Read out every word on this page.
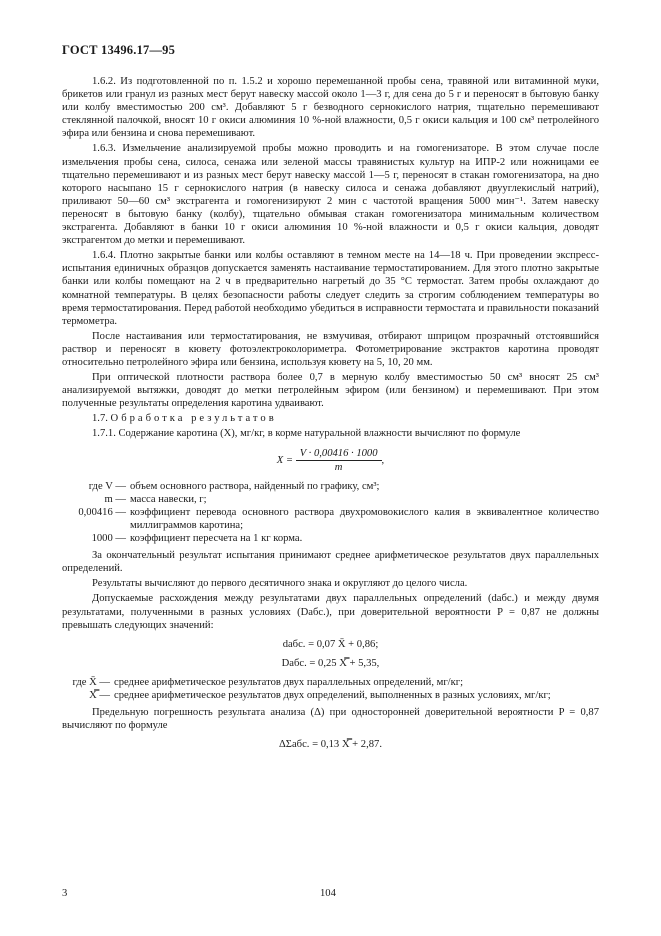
ГОСТ 13496.17—95

1.6.2. Из подготовленной по п. 1.5.2 и хорошо перемешанной пробы сена, травяной или витаминной муки, брикетов или гранул из разных мест берут навеску массой около 1—3 г, для сена до 5 г и переносят в бытовую банку или колбу вместимостью 200 см³. Добавляют 5 г безводного сернокислого натрия, тщательно перемешивают стеклянной палочкой, вносят 10 г окиси алюминия 10 %-ной влажности, 0,5 г окиси кальция и 100 см³ петролейного эфира или бензина и снова перемешивают.

1.6.3. Измельчение анализируемой пробы можно проводить и на гомогенизаторе. В этом случае после измельчения пробы сена, силоса, сенажа или зеленой массы травянистых культур на ИПР-2 или ножницами ее тщательно перемешивают и из разных мест берут навеску массой 1—5 г, переносят в стакан гомогенизатора, на дно которого насыпано 15 г сернокислого натрия (в навеску силоса и сенажа добавляют двууглекислый натрий), приливают 50—60 см³ экстрагента и гомогенизируют 2 мин с частотой вращения 5000 мин⁻¹. Затем навеску переносят в бытовую банку (колбу), тщательно обмывая стакан гомогенизатора минимальным количеством экстрагента. Добавляют в банки 10 г окиси алюминия 10 %-ной влажности и 0,5 г окиси кальция, доводят экстрагентом до метки и перемешивают.

1.6.4. Плотно закрытые банки или колбы оставляют в темном месте на 14—18 ч. При проведении экспресс-испытания единичных образцов допускается заменять настаивание термостатированием. Для этого плотно закрытые банки или колбы помещают на 2 ч в предварительно нагретый до 35 °С термостат. Затем пробы охлаждают до комнатной температуры. В целях безопасности работы следует следить за строгим соблюдением температуры во время термостатирования. Перед работой необходимо убедиться в исправности термостата и правильности показаний термометра.

После настаивания или термостатирования, не взмучивая, отбирают шприцом прозрачный отстоявшийся раствор и переносят в кювету фотоэлектроколориметра. Фотометрирование экстрактов каротина проводят относительно петролейного эфира или бензина, используя кювету на 5, 10, 20 мм.

При оптической плотности раствора более 0,7 в мерную колбу вместимостью 50 см³ вносят 25 см³ анализируемой вытяжки, доводят до метки петролейным эфиром (или бензином) и перемешивают. При этом полученные результаты определения каротина удваивают.

1.7. Обработка результатов

1.7.1. Содержание каротина (X), мг/кг, в корме натуральной влажности вычисляют по формуле

$X = \frac{V \cdot 0,00416 \cdot 1000}{m}$ ,
где V — объем основного раствора, найденный по графику, см³;
m — масса навески, г;
0,00416 — коэффициент перевода основного раствора двухромовокислого калия в эквивалентное количество миллиграммов каротина;
1000 — коэффициент пересчета на 1 кг корма.

За окончательный результат испытания принимают среднее арифметическое результатов двух параллельных определений.

Результаты вычисляют до первого десятичного знака и округляют до целого числа.

Допускаемые расхождения между результатами двух параллельных определений (dабс.) и между двумя результатами, полученными в разных условиях (Dабс.), при доверительной вероятности P = 0,87 не должны превышать следующих значений:

dабс. = 0,07 X̄ + 0,86;
Dабс. = 0,25 X̿ + 5,35,
где X̄ — среднее арифметическое результатов двух параллельных определений, мг/кг;
X̿ — среднее арифметическое результатов двух определений, выполненных в разных условиях, мг/кг;

Предельную погрешность результата анализа (Δ) при односторонней доверительной вероятности P = 0,87 вычисляют по формуле

ΔΣабс. = 0,13 X̿ + 2,87.
3	104
